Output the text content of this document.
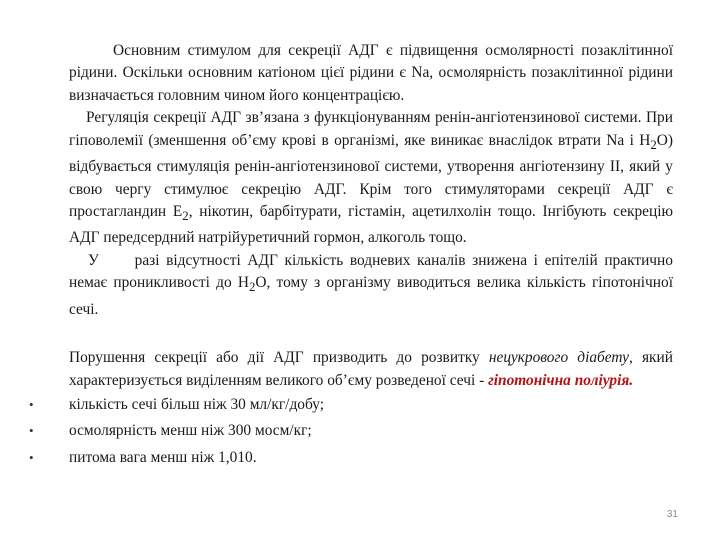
Основним стимулом для секреції АДГ є підвищення осмолярності позаклітинної рідини. Оскільки основним катіоном цієї рідини є Na, осмолярність позаклітинної рідини визначається головним чином його концентрацією.

Регуляція секреції АДГ зв’язана з функціонуванням ренін-ангіотензинової системи. При гіповолемії (зменшення об’єму крові в організмі, яке виникає внаслідок втрати Na і $H_2O$) відбувається стимуляція ренін-ангіотензинової системи, утворення ангіотензину II, який у свою чергу стимулює секрецію АДГ. Крім того стимуляторами секреції АДГ є простагландин $E_2$, нікотин, барбітурати, гістамін, ацетилхолін тощо. Інгібують секрецію АДГ передсердний натрійуретичний гормон, алкоголь тощо.

У разі відсутності АДГ кількість водневих каналів знижена і епітелій практично немає проникливості до $H_2O$, тому з організму виводиться велика кількість гіпотонічної сечі.

Порушення секреції або дії АДГ призводить до розвитку нецукрового діабету, який характеризується виділенням великого об’єму розведеної сечі - гіпотонічна поліурія.

• кількість сечі більш ніж 30 мл/кг/добу;
• осмолярність менш ніж 300 мосм/кг;
• питома вага менш ніж 1,010.
31
